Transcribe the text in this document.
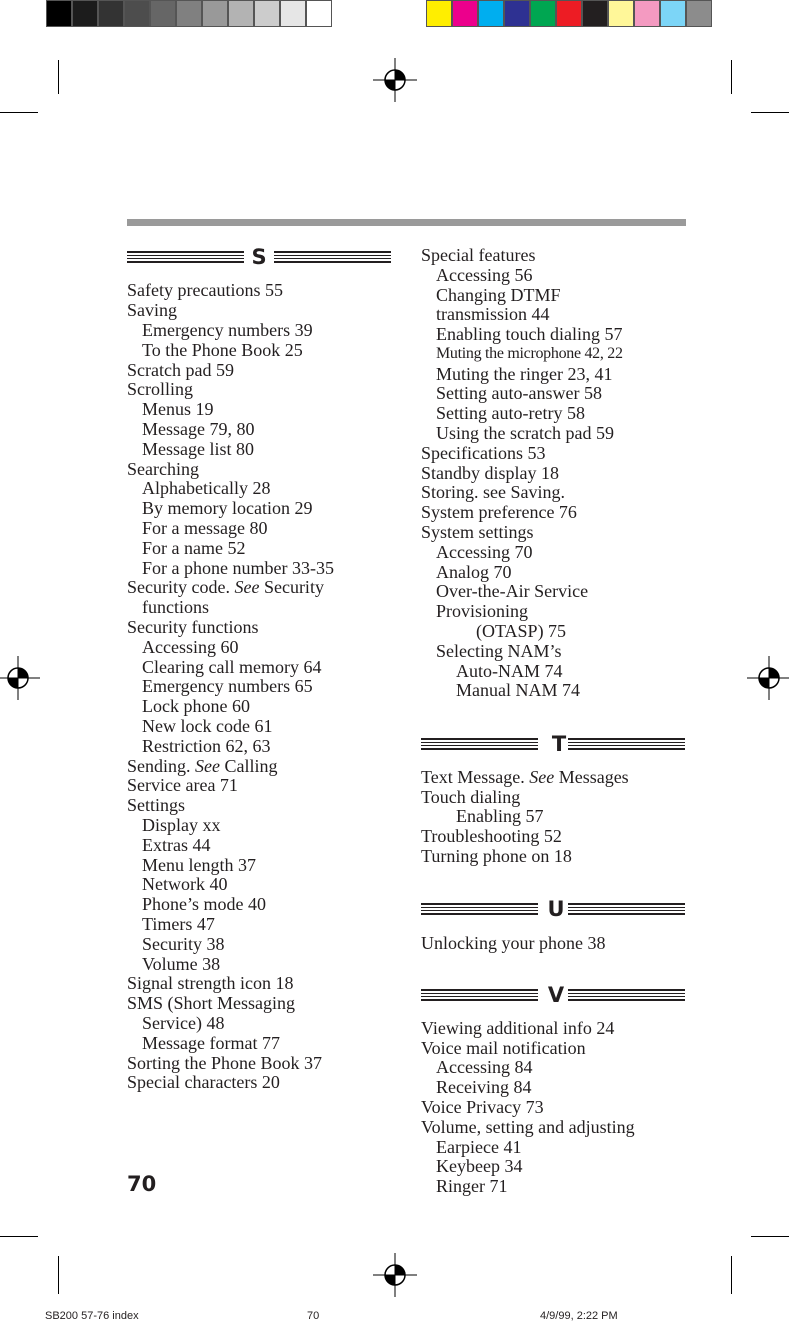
S
Safety precautions 55
Saving
Emergency numbers 39
To the Phone Book 25
Scratch pad 59
Scrolling
Menus 19
Message 79, 80
Message list 80
Searching
Alphabetically 28
By memory location 29
For a message 80
For a name 52
For a phone number 33-35
Security code. See Security
functions
Security functions
Accessing 60
Clearing call memory 64
Emergency numbers 65
Lock phone 60
New lock code 61
Restriction 62, 63
Sending. See Calling
Service area 71
Settings
Display xx
Extras 44
Menu length 37
Network 40
Phone’s mode 40
Timers 47
Security 38
Volume 38
Signal strength icon 18
SMS (Short Messaging
Service) 48
Message format 77
Sorting the Phone Book 37
Special characters 20
70
Special features
Accessing 56
Changing DTMF
transmission 44
Enabling touch dialing 57
Muting the microphone 42, 22
Muting the ringer 23, 41
Setting auto-answer 58
Setting auto-retry 58
Using the scratch pad 59
Specifications 53
Standby display 18
Storing. see Saving.
System preference 76
System settings
Accessing 70
Analog 70
Over-the-Air Service
Provisioning
(OTASP) 75
Selecting NAM’s
Auto-NAM 74
Manual NAM 74
T
Text Message. See Messages
Touch dialing
Enabling 57
Troubleshooting 52
Turning phone on 18
U
Unlocking your phone 38
V
Viewing additional info 24
Voice mail notification
Accessing 84
Receiving 84
Voice Privacy 73
Volume, setting and adjusting
Earpiece 41
Keybeep 34
Ringer 71
SB200 57-76 index	70	4/9/99, 2:22 PM
